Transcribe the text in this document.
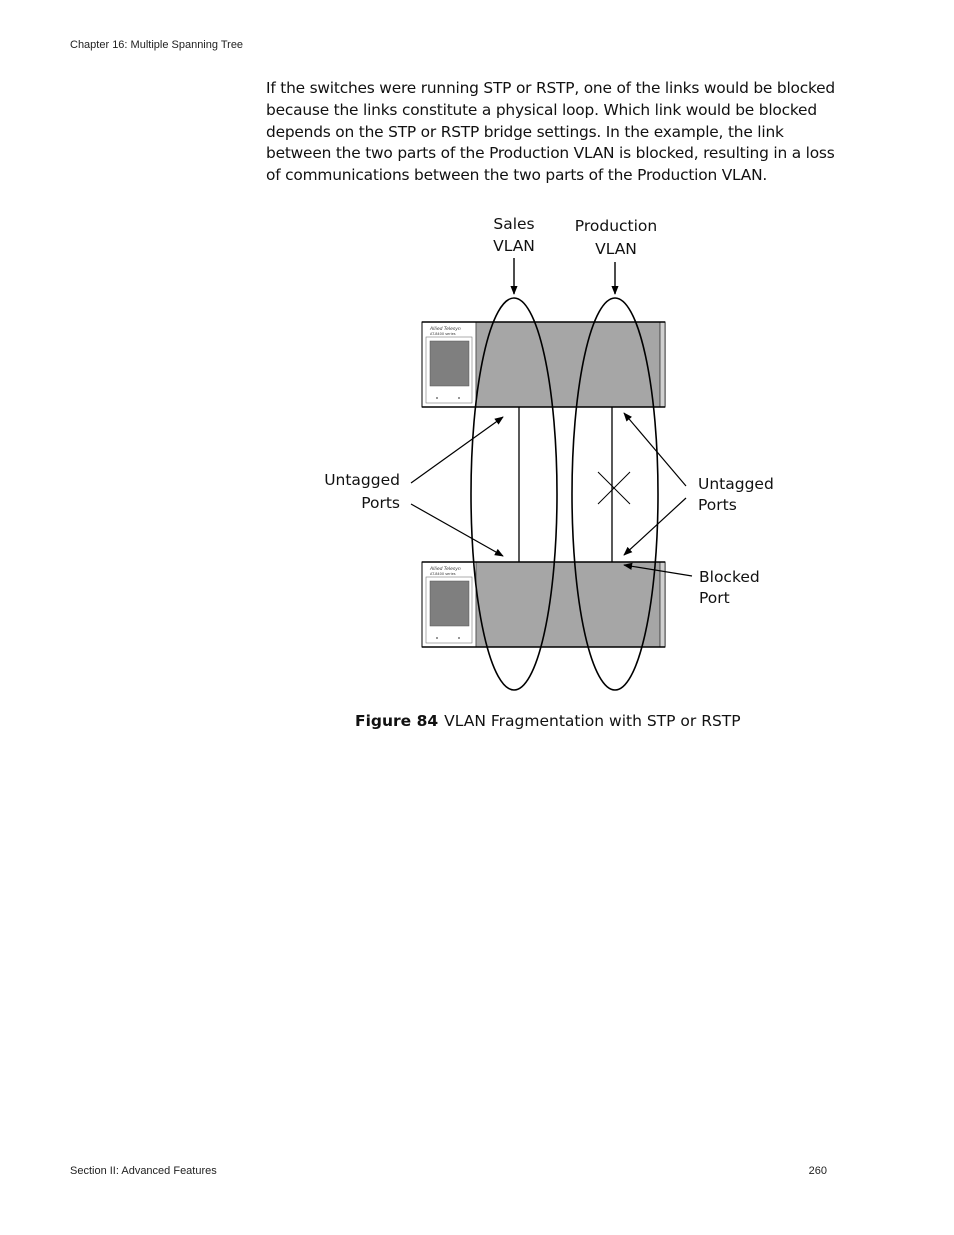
Chapter 16: Multiple Spanning Tree

If the switches were running STP or RSTP, one of the links would be blocked because the links constitute a physical loop. Which link would be blocked depends on the STP or RSTP bridge settings. In the example, the link between the two parts of the Production VLAN is blocked, resulting in a loss of communications between the two parts of the Production VLAN.

Allied Telesyn
AT-8400 series
Allied Telesyn
AT-8400 series
Sales
VLAN
Production
VLAN
Untagged
Ports
Untagged
Ports
Blocked
Port
Figure 84 VLAN Fragmentation with STP or RSTP
Section II: Advanced Features	260
